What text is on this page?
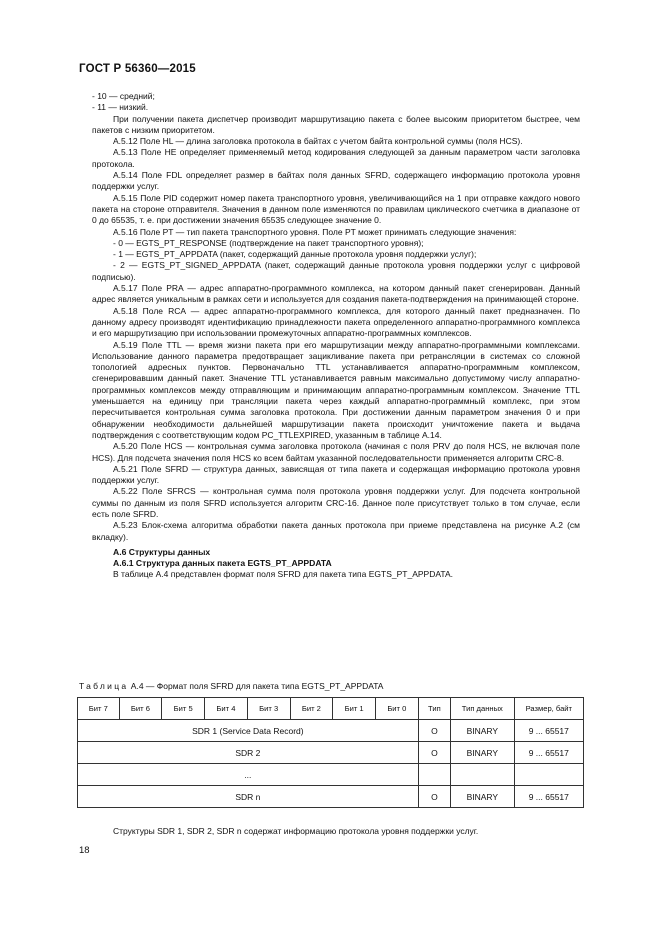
ГОСТ Р 56360—2015

- 10 — средний;

- 11 — низкий.

При получении пакета диспетчер производит маршрутизацию пакета с более высоким приоритетом быстрее, чем пакетов с низким приоритетом.

А.5.12 Поле HL — длина заголовка протокола в байтах с учетом байта контрольной суммы (поля HCS).

А.5.13 Поле HE определяет применяемый метод кодирования следующей за данным параметром части заголовка протокола.

А.5.14 Поле FDL определяет размер в байтах поля данных SFRD, содержащего информацию протокола уровня поддержки услуг.

А.5.15 Поле PID содержит номер пакета транспортного уровня, увеличивающийся на 1 при отправке каждого нового пакета на стороне отправителя. Значения в данном поле изменяются по правилам циклического счетчика в диапазоне от 0 до 65535, т. е. при достижении значения 65535 следующее значение 0.

А.5.16 Поле PT — тип пакета транспортного уровня. Поле PT может принимать следующие значения:

- 0 — EGTS_PT_RESPONSE (подтверждение на пакет транспортного уровня);

- 1 — EGTS_PT_APPDATA (пакет, содержащий данные протокола уровня поддержки услуг);

- 2 — EGTS_PT_SIGNED_APPDATA (пакет, содержащий данные протокола уровня поддержки услуг с цифровой подписью).

А.5.17 Поле PRA — адрес аппаратно-программного комплекса, на котором данный пакет сгенерирован. Данный адрес является уникальным в рамках сети и используется для создания пакета-подтверждения на принимающей стороне.

А.5.18 Поле RCA — адрес аппаратно-программного комплекса, для которого данный пакет предназначен. По данному адресу производят идентификацию принадлежности пакета определенного аппаратно-программного комплекса и его маршрутизацию при использовании промежуточных аппаратно-программных комплексов.

А.5.19 Поле TTL — время жизни пакета при его маршрутизации между аппаратно-программными комплексами. Использование данного параметра предотвращает зацикливание пакета при ретрансляции в системах со сложной топологией адресных пунктов. Первоначально TTL устанавливается аппаратно-программным комплексом, сгенерировавшим данный пакет. Значение TTL устанавливается равным максимально допустимому числу аппаратно-программных комплексов между отправляющим и принимающим аппаратно-программным комплексом. Значение TTL уменьшается на единицу при трансляции пакета через каждый аппаратно-программный комплекс, при этом пересчитывается контрольная сумма заголовка протокола. При достижении данным параметром значения 0 и при обнаружении необходимости дальнейшей маршрутизации пакета происходит уничтожение пакета и выдача подтверждения с соответствующим кодом PC_TTLEXPIRED, указанным в таблице А.14.

А.5.20 Поле HCS — контрольная сумма заголовка протокола (начиная с поля PRV до поля HCS, не включая поле HCS). Для подсчета значения поля HCS ко всем байтам указанной последовательности применяется алгоритм CRC-8.

А.5.21 Поле SFRD — структура данных, зависящая от типа пакета и содержащая информацию протокола уровня поддержки услуг.

А.5.22 Поле SFRCS — контрольная сумма поля протокола уровня поддержки услуг. Для подсчета контрольной суммы по данным из поля SFRD используется алгоритм CRC-16. Данное поле присутствует только в том случае, если есть поле SFRD.

А.5.23 Блок-схема алгоритма обработки пакета данных протокола при приеме представлена на рисунке А.2 (см вкладку).

А.6 Структуры данных
А.6.1 Структура данных пакета EGTS_PT_APPDATA

В таблице А.4 представлен формат поля SFRD для пакета типа EGTS_PT_APPDATA.

Таблица А.4 — Формат поля SFRD для пакета типа EGTS_PT_APPDATA
Бит 7	Бит 6	Бит 5	Бит 4	Бит 3	Бит 2	Бит 1	Бит 0	Тип	Тип данных	Размер, байт
SDR 1 (Service Data Record)								O	BINARY	9 ... 65517
SDR 2								O	BINARY	9 ... 65517
...										
SDR n								O	BINARY	9 ... 65517
Структуры SDR 1, SDR 2, SDR n содержат информацию протокола уровня поддержки услуг.
18
